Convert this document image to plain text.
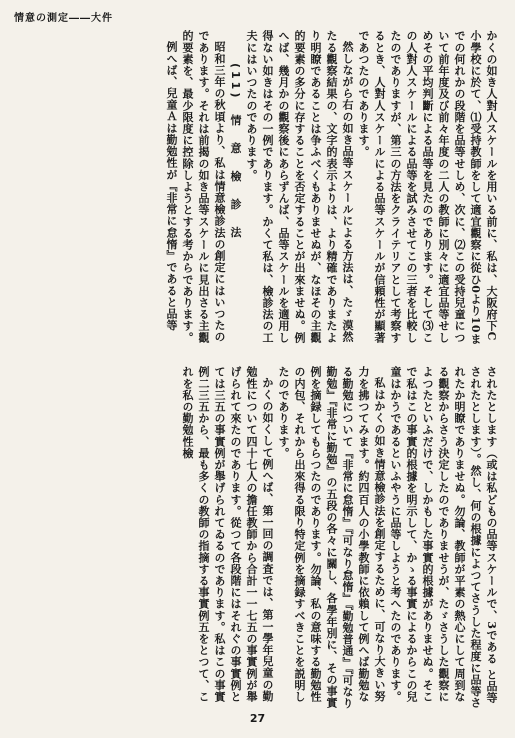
情意の測定――大件

かくの如き人對人スケールを用いる前に、私は、大阪府下C小學校に於て、⑴受持教師をして適宜觀察に從ひ0より10までの何れかの段階を品等せしめ、次に、⑵この受持兒童について前年度及び前々年度の二人の教師に別々に適宜品等せしめその平均判斷による品等を見たのであります。そして⑶この人對人スケールによる品等を試みさせてこの三者を比較したのでありますが、第三の方法をクライテリアとして考察するとき、人對人スケールによる品等スケールが信頼性が顯著であつたのであります。

然しながら右の如き品等スケールによる方法は、たゞ漠然たる觀察結果の、文字的表示よりは、より精確でありまたより明瞭であることは争ふべくもありませぬが、なほその主觀的要素の多分に存することを否定することが出來ませぬ。例へば、幾月かの觀察後にあらずんば、品等スケールを適用し得ない如きはその一例であります。かくて私は、檢診法の工夫にはいつたのであります。

(11)　情　意　檢　診　法

昭和三年の秋頃より、私は情意檢診法の創定にはいつたのであります。それは前揭の如き品等スケールに見出さる主觀的要素を、最少限度に控除しようとする考からであります。

例へば、兒童Ａは勤勉性が『非常に怠惰』であると品等

されたとします（或は私どもの品等スケールで、3である と品等されたとします）。然し、何の根據によつてさうした程度に品等されたか明瞭でありませぬ。勿論、教師が平素の熱心にして周到なる觀察からさう決定したのでありませうが、たゞさうした觀察によつたといふだけで、しかもした事實的根據がありませぬ。そこで私はこの事實的根據を明示して、かゝる事實によるからこの兒童はかうであるといふやうに品等しようと考へたのであります。

私はかくの如き情意檢診法を創定するために、可なり大きい努力を拂つてみます。約四百人の小學教師に依賴して例へば勤勉なる勤勉について『非常に怠惰』『可なり怠惰』『勤勉普通』『可なり勤勉』『非常に勤勉』の五段の各々に關し、各學年別に、その事實例を摘録してもらつたのであります。勿論、私の意味する勤勉性の内包、それから出來得る限り特定例を摘録すべきことを説明したのであります。

かくの如くして例へば、第一回の調査では、第一學年兒童の勤勉性について四十七人の擔任教師から合計一一七五の事實例が舉げられて來たのであります。從つて各段階にはそれぐの事實例とては三五の事實例が舉げられてゐるのであります。私はこの事實例二三五から、最も多くの教師の指摘する事實例五をとつて、これを私の勤勉性檢

27
